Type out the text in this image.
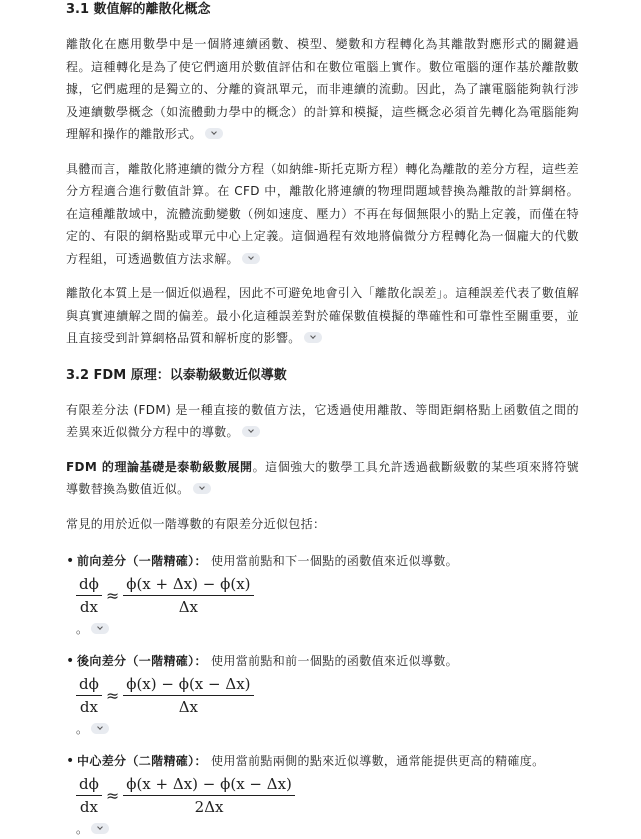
3.1 數值解的離散化概念

離散化在應用數學中是一個將連續函數、模型、變數和方程轉化為其離散對應形式的關鍵過程。這種轉化是為了使它們適用於數值評估和在數位電腦上實作。數位電腦的運作基於離散數據，它們處理的是獨立的、分離的資訊單元，而非連續的流動。因此，為了讓電腦能夠執行涉及連續數學概念（如流體動力學中的概念）的計算和模擬，這些概念必須首先轉化為電腦能夠理解和操作的離散形式。

具體而言，離散化將連續的微分方程（如納維-斯托克斯方程）轉化為離散的差分方程，這些差分方程適合進行數值計算。在 CFD 中，離散化將連續的物理問題域替換為離散的計算網格。在這種離散域中，流體流動變數（例如速度、壓力）不再在每個無限小的點上定義，而僅在特定的、有限的網格點或單元中心上定義。這個過程有效地將偏微分方程轉化為一個龐大的代數方程組，可透過數值方法求解。

離散化本質上是一個近似過程，因此不可避免地會引入「離散化誤差」。這種誤差代表了數值解與真實連續解之間的偏差。最小化這種誤差對於確保數值模擬的準確性和可靠性至關重要，並且直接受到計算網格品質和解析度的影響。

3.2 FDM 原理：以泰勒級數近似導數

有限差分法 (FDM) 是一種直接的數值方法，它透過使用離散、等間距網格點上函數值之間的差異來近似微分方程中的導數。

FDM 的理論基礎是泰勒級數展開。這個強大的數學工具允許透過截斷級數的某些項來將符號導數替換為數值近似。

常見的用於近似一階導數的有限差分近似包括：

• 前向差分（一階精確）： 使用當前點和下一個點的函數值來近似導數。
$\frac{d\phi}{dx} \approx \frac{\phi(x + \Delta x) - \phi(x)}{\Delta x}$
。
• 後向差分（一階精確）： 使用當前點和前一個點的函數值來近似導數。
$\frac{d\phi}{dx} \approx \frac{\phi(x) - \phi(x - \Delta x)}{\Delta x}$
。
• 中心差分（二階精確）： 使用當前點兩側的點來近似導數，通常能提供更高的精確度。
$\frac{d\phi}{dx} \approx \frac{\phi(x + \Delta x) - \phi(x - \Delta x)}{2\Delta x}$
。
